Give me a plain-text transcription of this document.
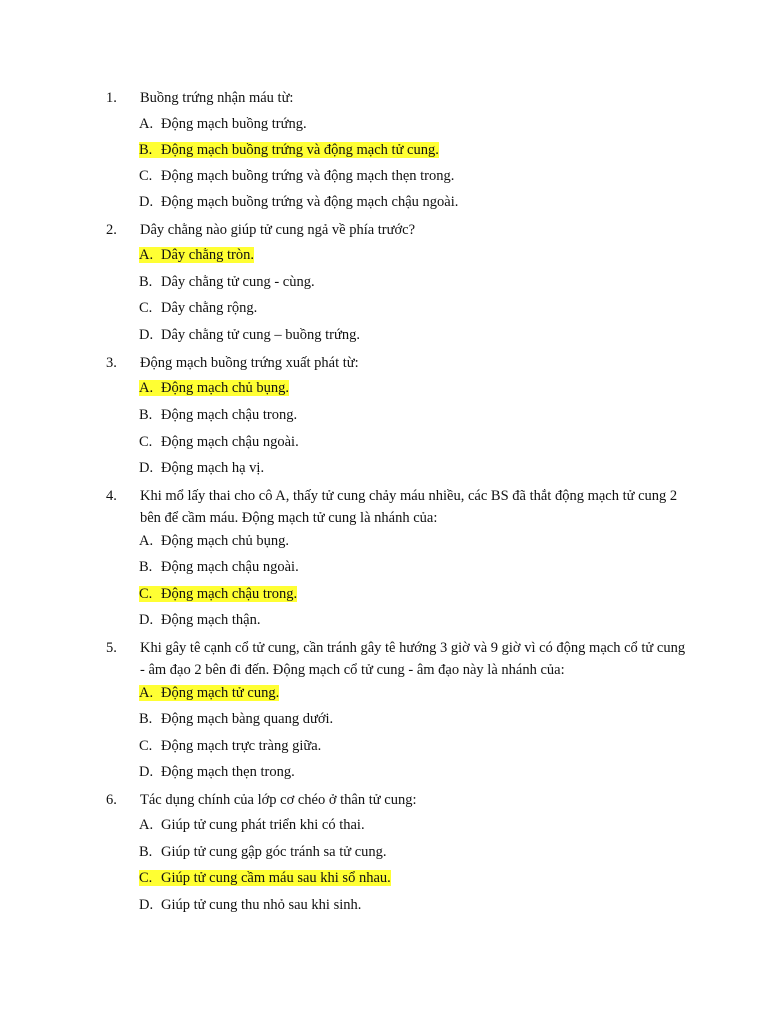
1.	Buồng trứng nhận máu từ:
A. Động mạch buồng trứng.
B. Động mạch buồng trứng và động mạch tử cung.
C. Động mạch buồng trứng và động mạch thẹn trong.
D. Động mạch buồng trứng và động mạch chậu ngoài.
2.	Dây chằng nào giúp tử cung ngả về phía trước?
A. Dây chằng tròn.
B. Dây chằng tử cung - cùng.
C. Dây chằng rộng.
D. Dây chằng tử cung – buồng trứng.
3.	Động mạch buồng trứng xuất phát từ:
A. Động mạch chủ bụng.
B. Động mạch chậu trong.
C. Động mạch chậu ngoài.
D. Động mạch hạ vị.
4.	Khi mổ lấy thai cho cô A, thấy tử cung chảy máu nhiều, các BS đã thắt động mạch tử cung 2 bên để cầm máu. Động mạch tử cung là nhánh của:
A. Động mạch chủ bụng.
B. Động mạch chậu ngoài.
C. Động mạch chậu trong.
D. Động mạch thận.
5.	Khi gây tê cạnh cổ tử cung, cần tránh gây tê hướng 3 giờ và 9 giờ vì có động mạch cổ tử cung - âm đạo 2 bên đi đến. Động mạch cổ tử cung - âm đạo này là nhánh của:
A. Động mạch tử cung.
B. Động mạch bàng quang dưới.
C. Động mạch trực tràng giữa.
D. Động mạch thẹn trong.
6.	Tác dụng chính của lớp cơ chéo ở thân tử cung:
A. Giúp tử cung phát triển khi có thai.
B. Giúp tử cung gập góc tránh sa tử cung.
C. Giúp tử cung cầm máu sau khi sổ nhau.
D. Giúp tử cung thu nhỏ sau khi sinh.
